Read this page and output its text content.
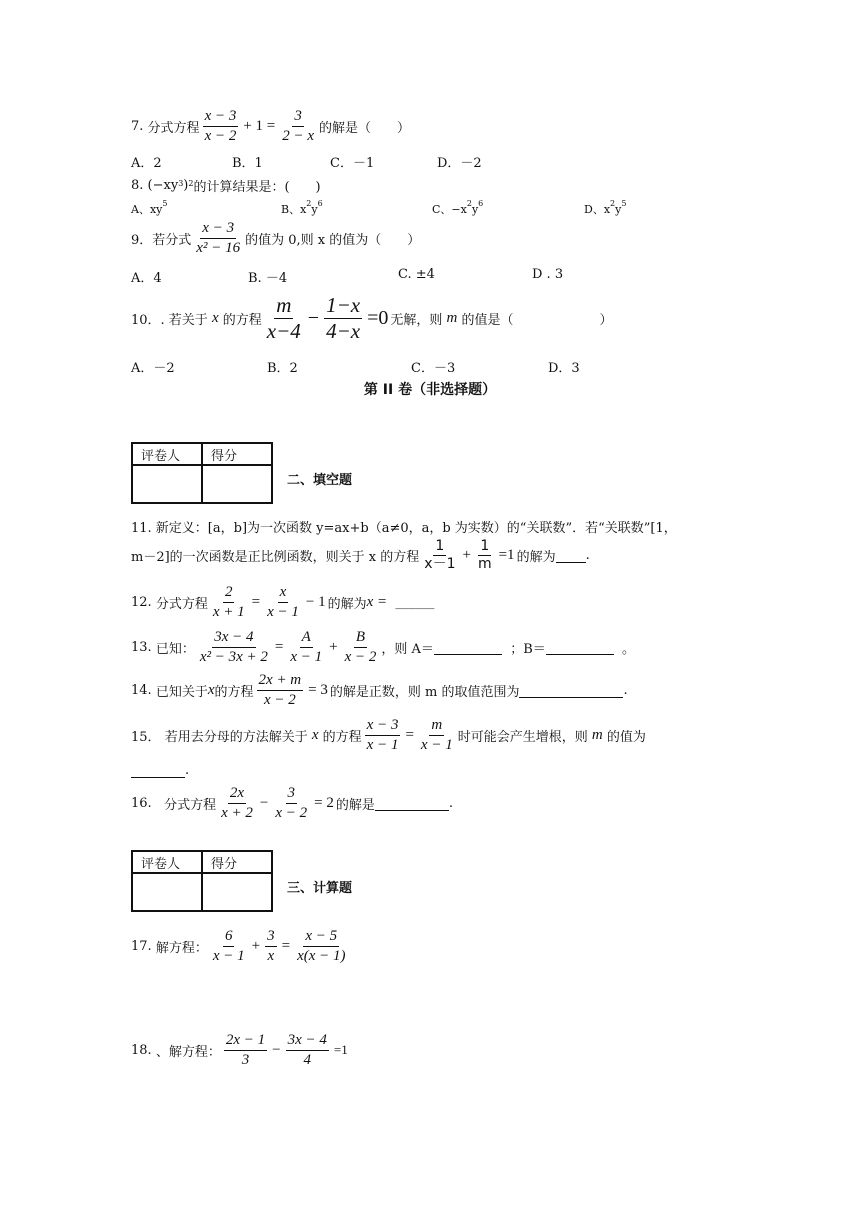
7.
分式方程 $\frac{x - 3}{x - 2} + 1 = \frac{3}{2 - x}$ 的解是（　　）
A．2	B．1	C．－1	D．－2
8.
($-xy^3$ )$^2$ 的计算结果是：(　　)
A、$xy^5$	B、$x^2y^6$	C、$-x^2y^6$	D、$x^2y^5$
9． 若分式 $\frac{x - 3}{\text{x² − 16}}$ 的值为 0,则 x 的值为（　　）
A．4	B. －4	C. ±4	D . 3
10． . 若关于
x
的方程 $\frac{m}{x-4} - \frac{1-x}{4-x} =0$ 无解，则
m
的值是（	）
A．－2	B．2	C．－3	D．3
第 II 卷（非选择题）
评卷人	得分

二、填空题
11. 新定义：[a，b]为一次函数 y=ax+b（a≠0，a，b 为实数）的“关联数”．若“关联数”[1，
m－2]的一次函数是正比例函数，则关于 x 的方程 $\frac{1}{x-1} + \frac{1}{m} =1$ 的解为 .
12.
分式方程 $\frac{2}{x + 1} = \frac{x}{x - 1} - 1$ 的解为 x =
______
13.
已知： $\frac{3x - 4}{\text{x² − 3x + 2}} = \frac{A}{x - 1} + \frac{B}{x - 2}$ ，则 A＝
	；B＝
	。
14.
已知关于 x 的方程 $\frac{2x + m}{x - 2} = 3$ 的解是正数，则 m 的取值范围为	.
15．
若用去分母的方法解关于
x
的方程 $\frac{x - 3}{x - 1} = \frac{m}{x - 1}$ 时可能会产生增根，则
m
的值为
.
16.
分式方程 $\frac{2x}{x + 2} - \frac{3}{x - 2} = 2$ 的解是	.
评卷人	得分

三、计算题
17.
解方程： $\frac{6}{x - 1} + \frac{3}{x} = \frac{x - 5}{x(x - 1)}$
18.
、解方程： $\frac{2x - 1}{3} - \frac{3x - 4}{4} =1$
